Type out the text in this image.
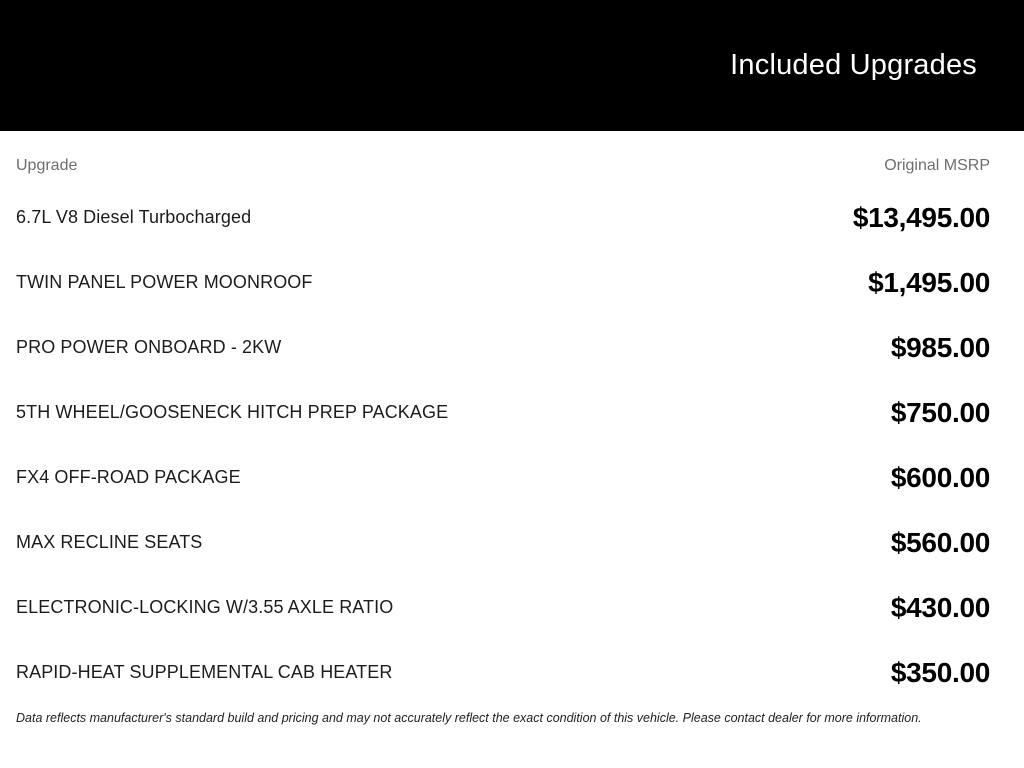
Included Upgrades
Upgrade	Original MSRP
6.7L V8 Diesel Turbocharged	$13,495.00
TWIN PANEL POWER MOONROOF	$1,495.00
PRO POWER ONBOARD - 2KW	$985.00
5TH WHEEL/GOOSENECK HITCH PREP PACKAGE	$750.00
FX4 OFF-ROAD PACKAGE	$600.00
MAX RECLINE SEATS	$560.00
ELECTRONIC-LOCKING W/3.55 AXLE RATIO	$430.00
RAPID-HEAT SUPPLEMENTAL CAB HEATER	$350.00
Data reflects manufacturer's standard build and pricing and may not accurately reflect the exact condition of this vehicle. Please contact dealer for more information.
